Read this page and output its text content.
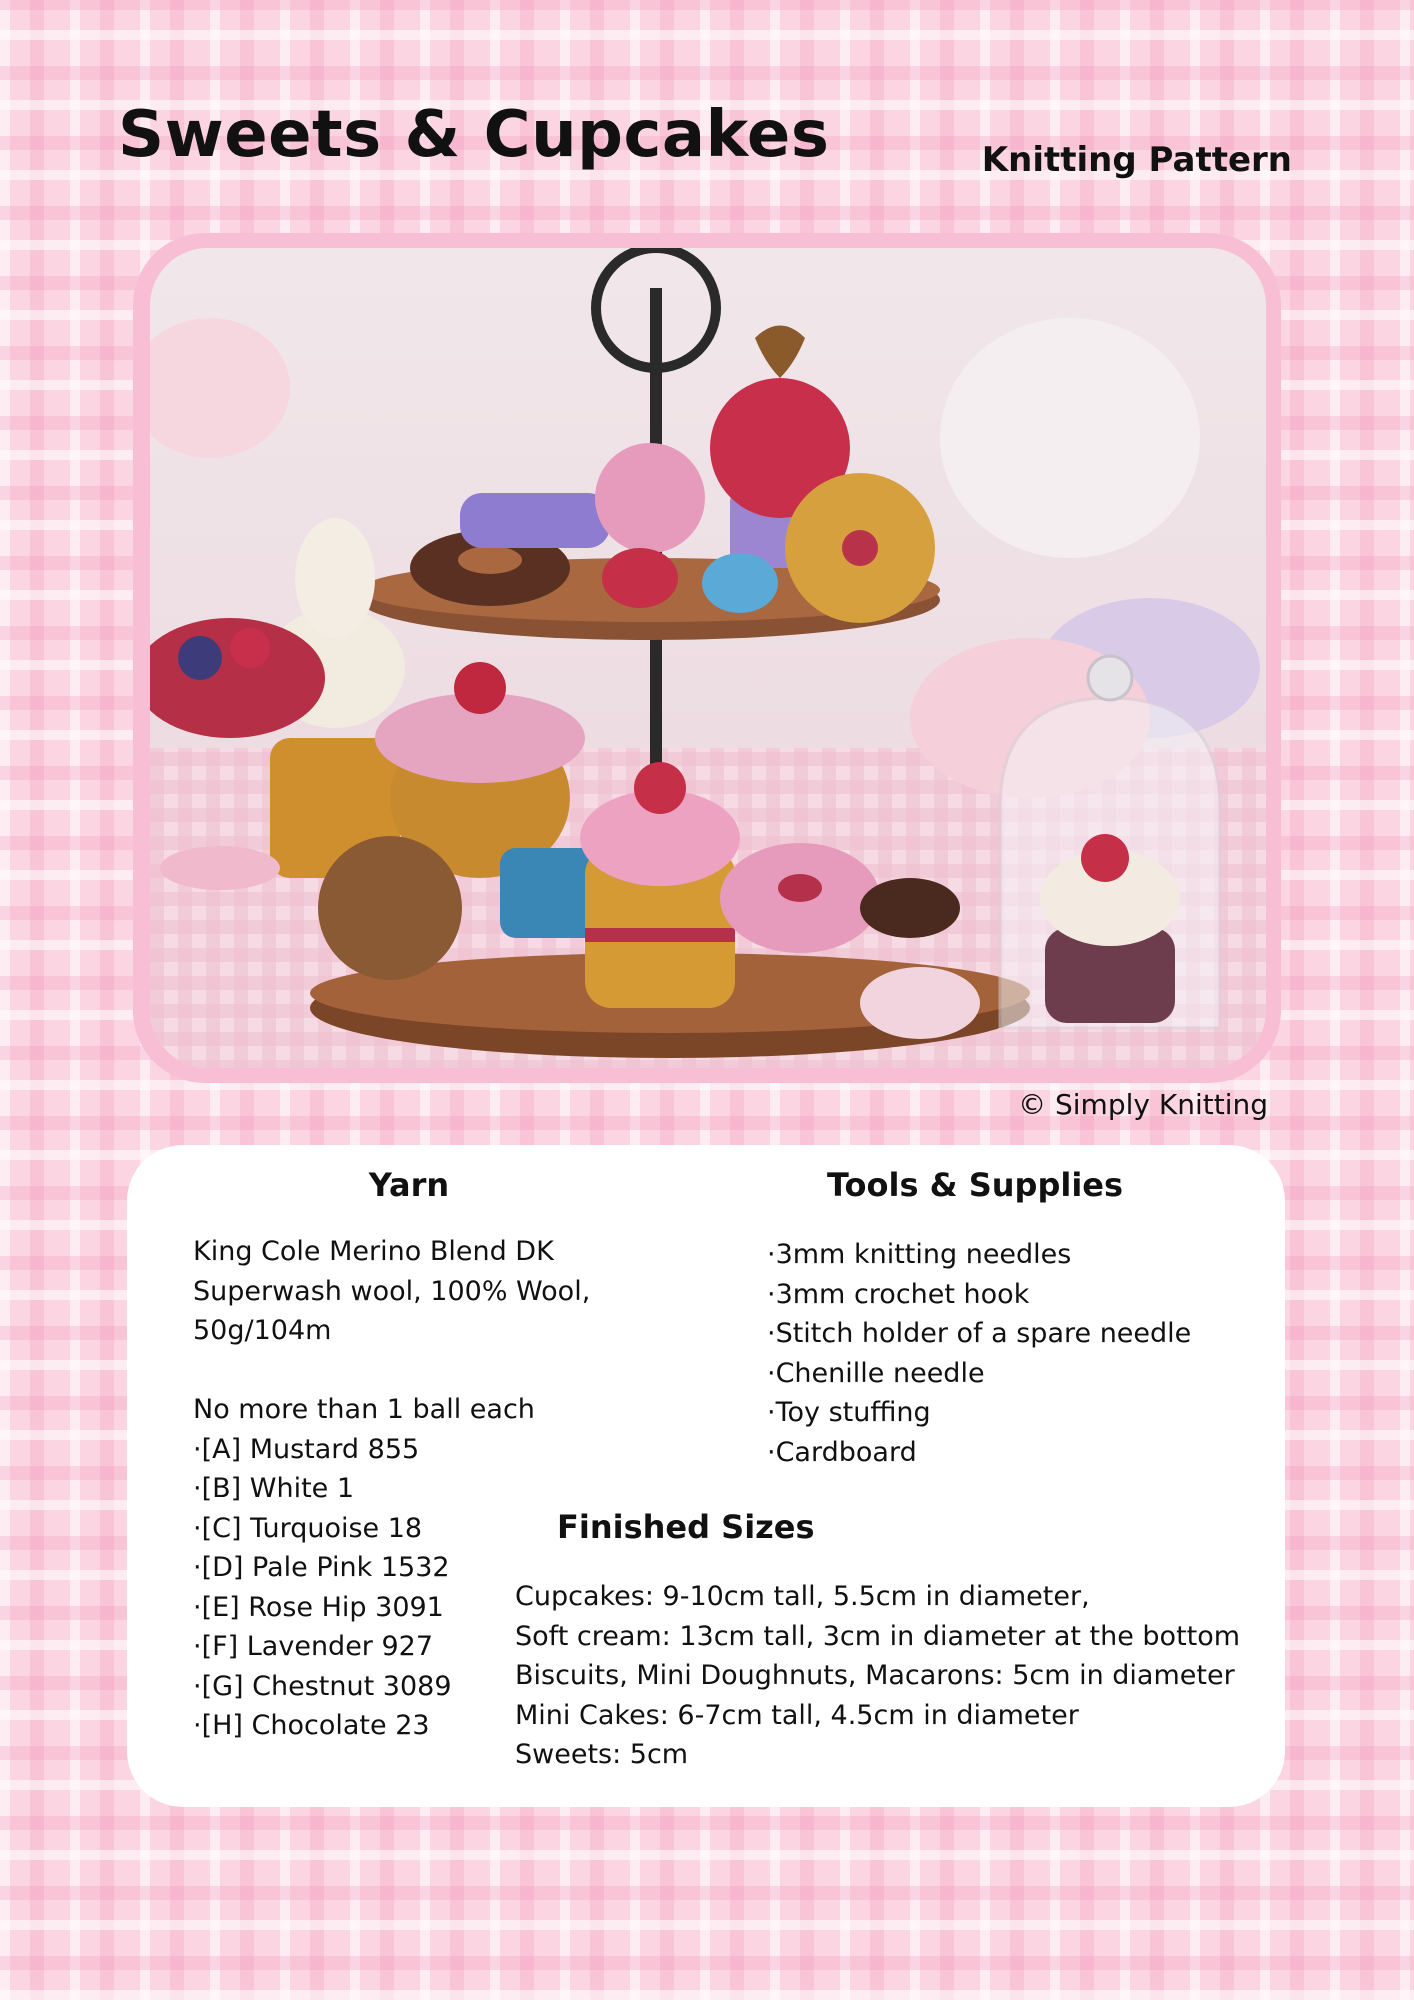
Sweets & Cupcakes	Knitting Pattern
© Simply Knitting
Yarn
King Cole Merino Blend DK
Superwash wool, 100% Wool,
50g/104m
No more than 1 ball each
·[A] Mustard 855
·[B] White 1
·[C] Turquoise 18
·[D] Pale Pink 1532
·[E] Rose Hip 3091
·[F] Lavender 927
·[G] Chestnut 3089
·[H] Chocolate 23
Tools & Supplies
·3mm knitting needles
·3mm crochet hook
·Stitch holder of a spare needle
·Chenille needle
·Toy stuffing
·Cardboard
Finished Sizes
Cupcakes: 9-10cm tall, 5.5cm in diameter,
Soft cream: 13cm tall, 3cm in diameter at the bottom
Biscuits, Mini Doughnuts, Macarons: 5cm in diameter
Mini Cakes: 6-7cm tall, 4.5cm in diameter
Sweets: 5cm
